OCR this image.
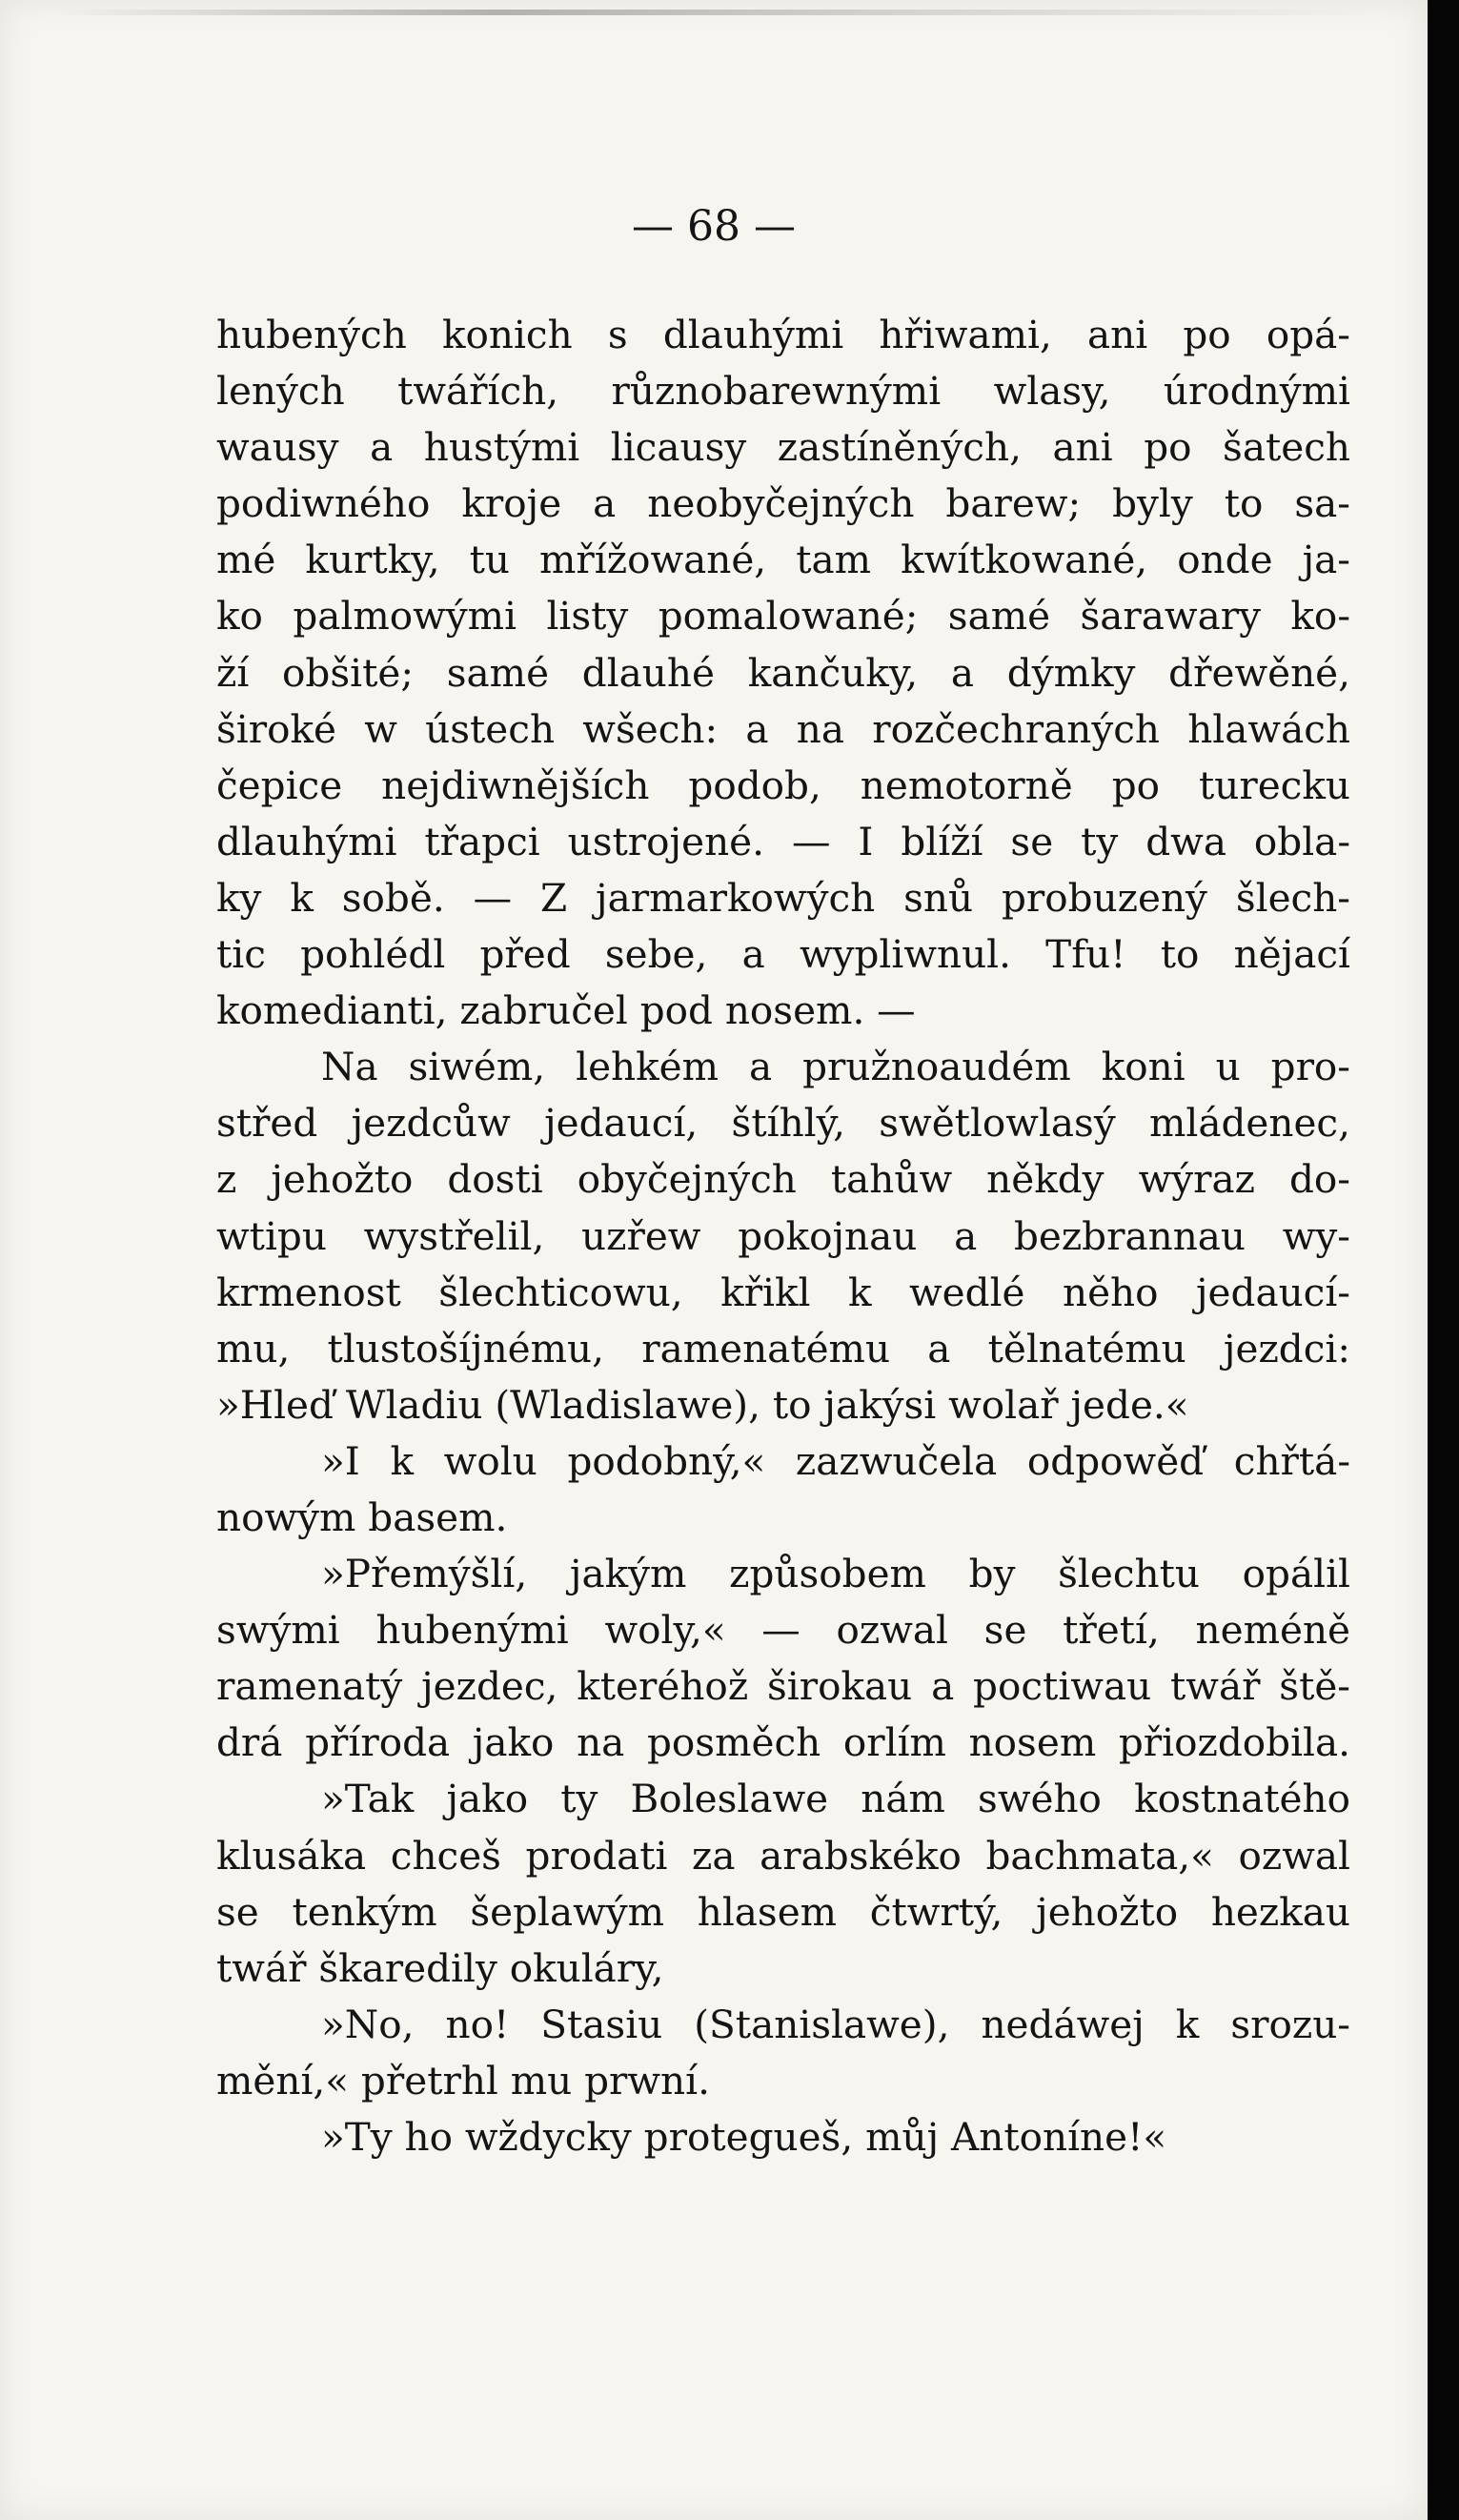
— 68 —
hubených konich s dlauhými hřiwami, ani po opá-
lených twářích, různobarewnými wlasy, úrodnými
wausy a hustými licausy zastíněných, ani po šatech
podiwného kroje a neobyčejných barew; byly to sa-
mé kurtky, tu mřížowané, tam kwítkowané, onde ja-
ko palmowými listy pomalowané; samé šarawary ko-
ží obšité; samé dlauhé kančuky, a dýmky dřewěné,
široké w ústech wšech: a na rozčechraných hlawách
čepice nejdiwnějších podob, nemotorně po turecku
dlauhými třapci ustrojené. — I blíží se ty dwa obla-
ky k sobě. — Z jarmarkowých snů probuzený šlech-
tic pohlédl před sebe, a wypliwnul. Tfu! to nějací
komedianti, zabručel pod nosem. —
Na siwém, lehkém a pružnoaudém koni u pro-
střed jezdcůw jedaucí, štíhlý, swětlowlasý mládenec,
z jehožto dosti obyčejných tahůw někdy wýraz do-
wtipu wystřelil, uzřew pokojnau a bezbrannau wy-
krmenost šlechticowu, křikl k wedlé něho jedaucí-
mu, tlustošíjnému, ramenatému a tělnatému jezdci:
»Hleď Wladiu (Wladislawe), to jakýsi wolař jede.«
»I k wolu podobný,« zazwučela odpowěď chřtá-
nowým basem.
»Přemýšlí, jakým způsobem by šlechtu opálil
swými hubenými woly,« — ozwal se třetí, neméně
ramenatý jezdec, kteréhož širokau a poctiwau twář ště-
drá příroda jako na posměch orlím nosem přiozdobila.
»Tak jako ty Boleslawe nám swého kostnatého
klusáka chceš prodati za arabskéko bachmata,« ozwal
se tenkým šeplawým hlasem čtwrtý, jehožto hezkau
twář škaredily okuláry,
»No, no! Stasiu (Stanislawe), nedáwej k srozu-
mění,« přetrhl mu prwní.
»Ty ho wždycky protegueš, můj Antoníne!«
